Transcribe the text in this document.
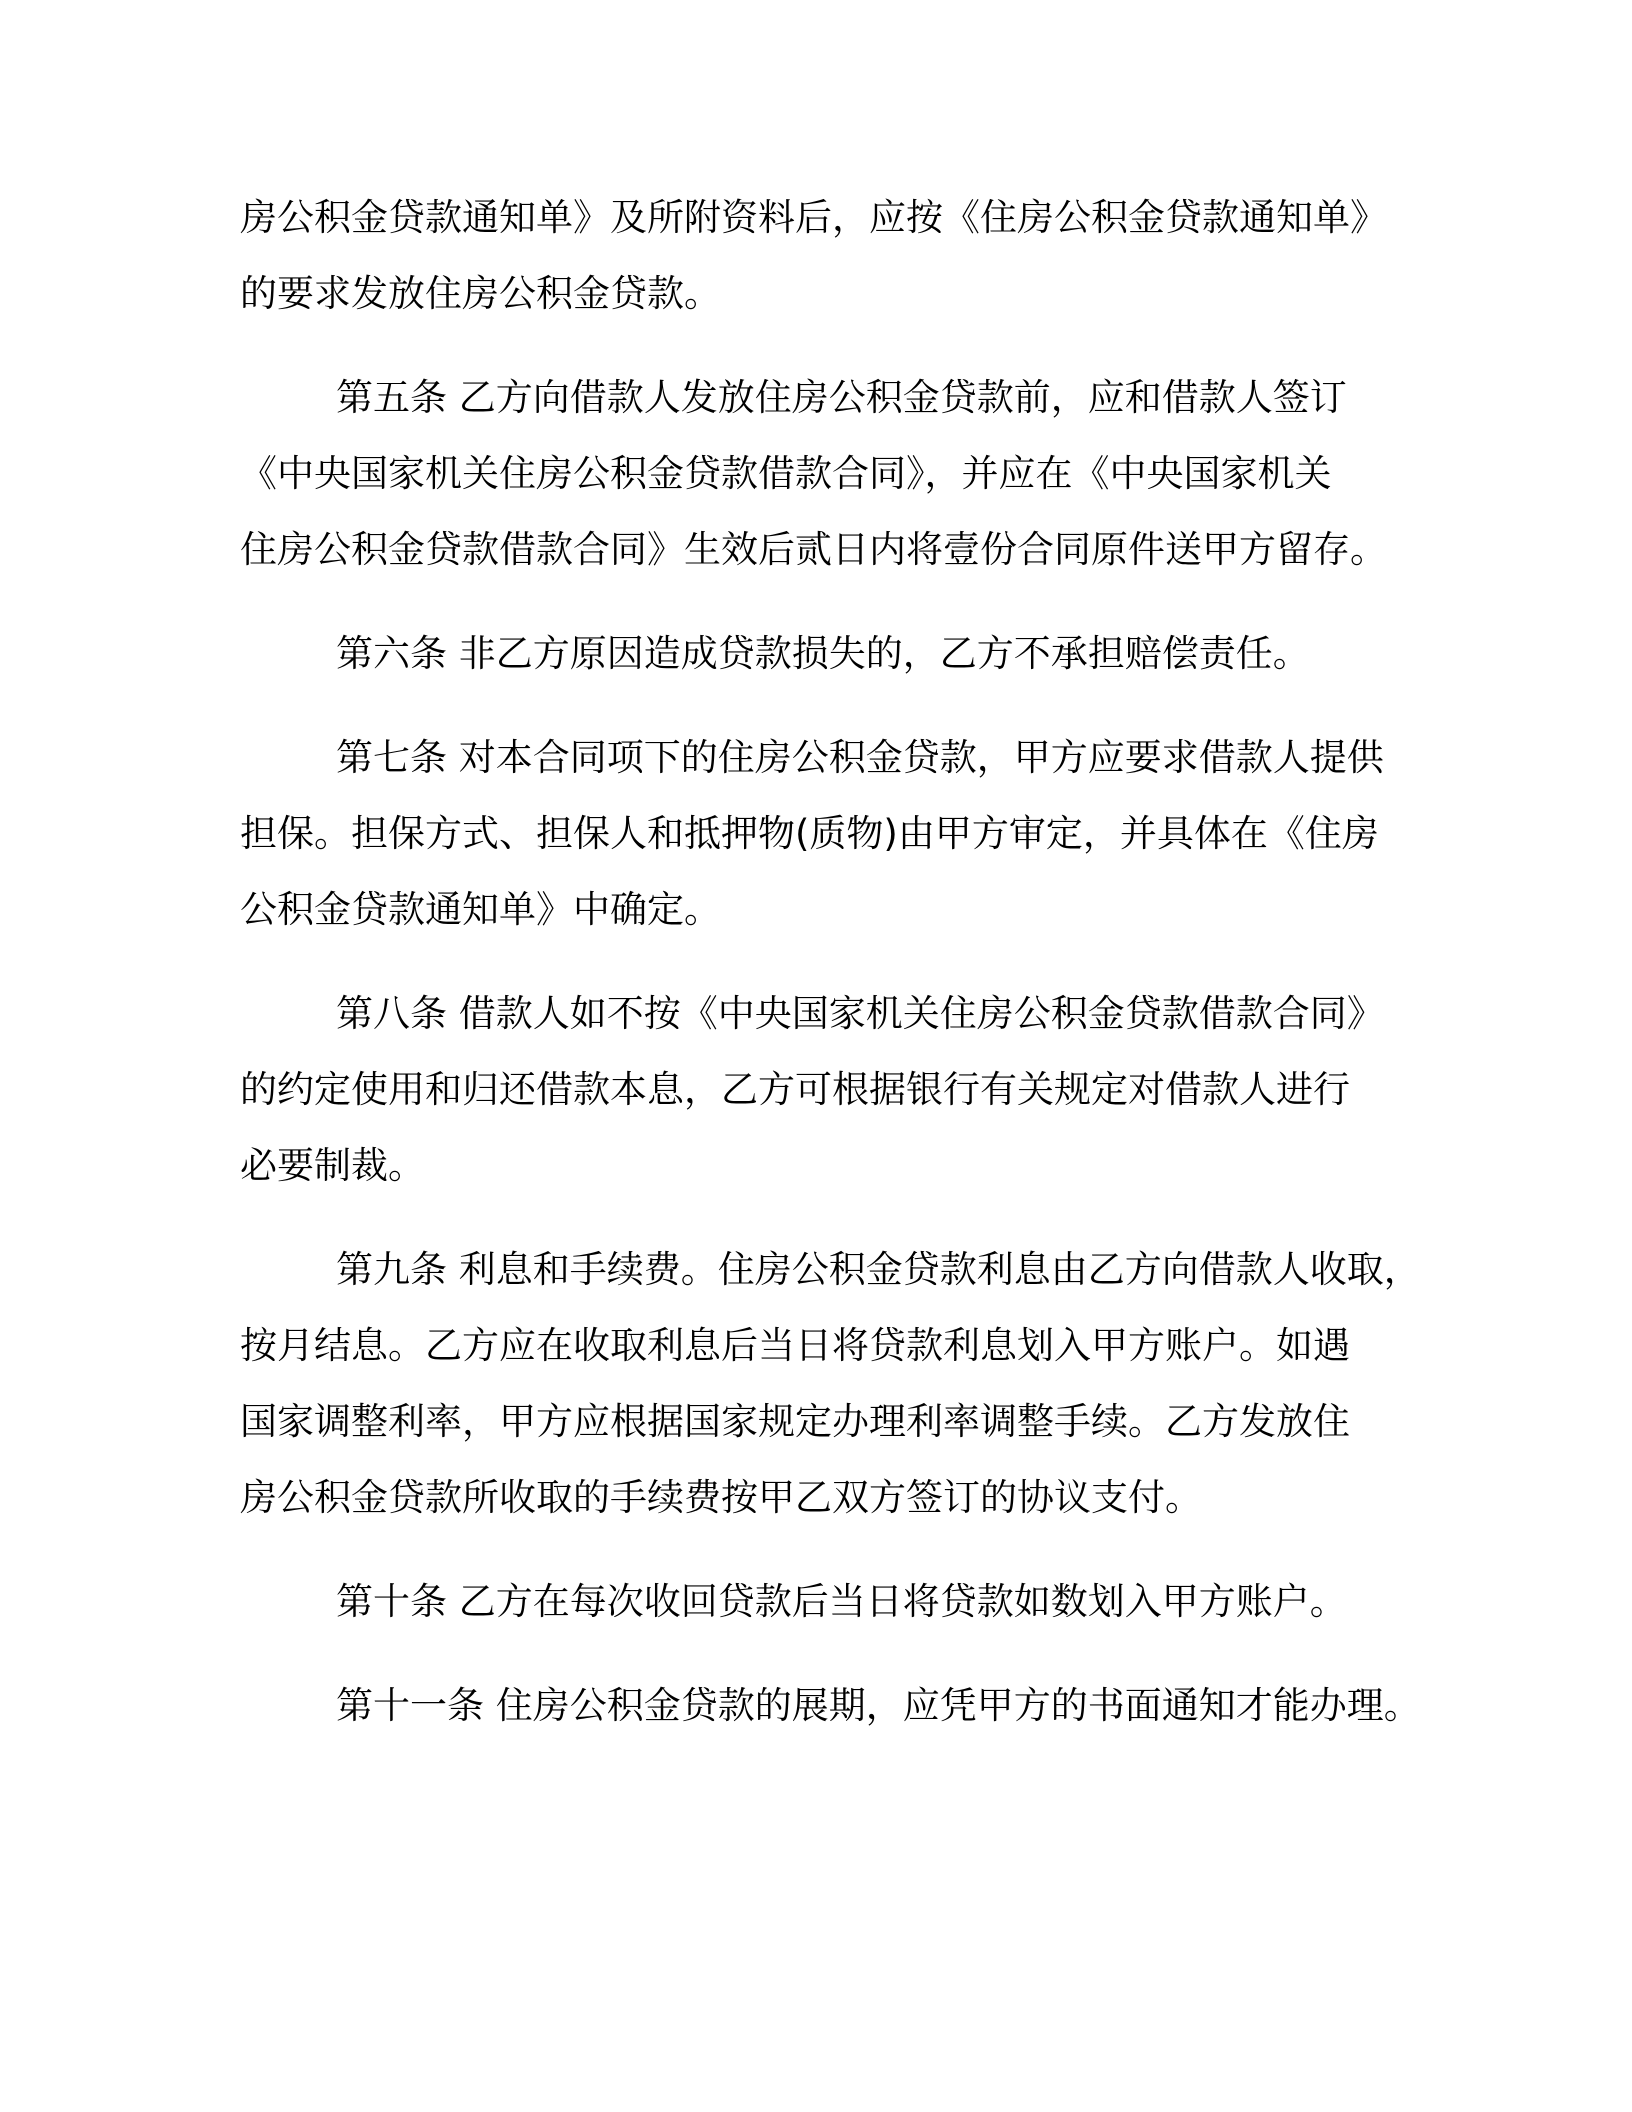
房公积金贷款通知单》及所附资料后，应按《住房公积金贷款通知单》
的要求发放住房公积金贷款。
第五条 乙方向借款人发放住房公积金贷款前，应和借款人签订
《中央国家机关住房公积金贷款借款合同》，并应在《中央国家机关
住房公积金贷款借款合同》生效后贰日内将壹份合同原件送甲方留存。
第六条 非乙方原因造成贷款损失的，乙方不承担赔偿责任。
第七条 对本合同项下的住房公积金贷款，甲方应要求借款人提供
担保。担保方式、担保人和抵押物(质物)由甲方审定，并具体在《住房
公积金贷款通知单》中确定。
第八条 借款人如不按《中央国家机关住房公积金贷款借款合同》
的约定使用和归还借款本息，乙方可根据银行有关规定对借款人进行
必要制裁。
第九条 利息和手续费。住房公积金贷款利息由乙方向借款人收取，
按月结息。乙方应在收取利息后当日将贷款利息划入甲方账户。如遇
国家调整利率，甲方应根据国家规定办理利率调整手续。乙方发放住
房公积金贷款所收取的手续费按甲乙双方签订的协议支付。
第十条 乙方在每次收回贷款后当日将贷款如数划入甲方账户。
第十一条 住房公积金贷款的展期，应凭甲方的书面通知才能办理。
